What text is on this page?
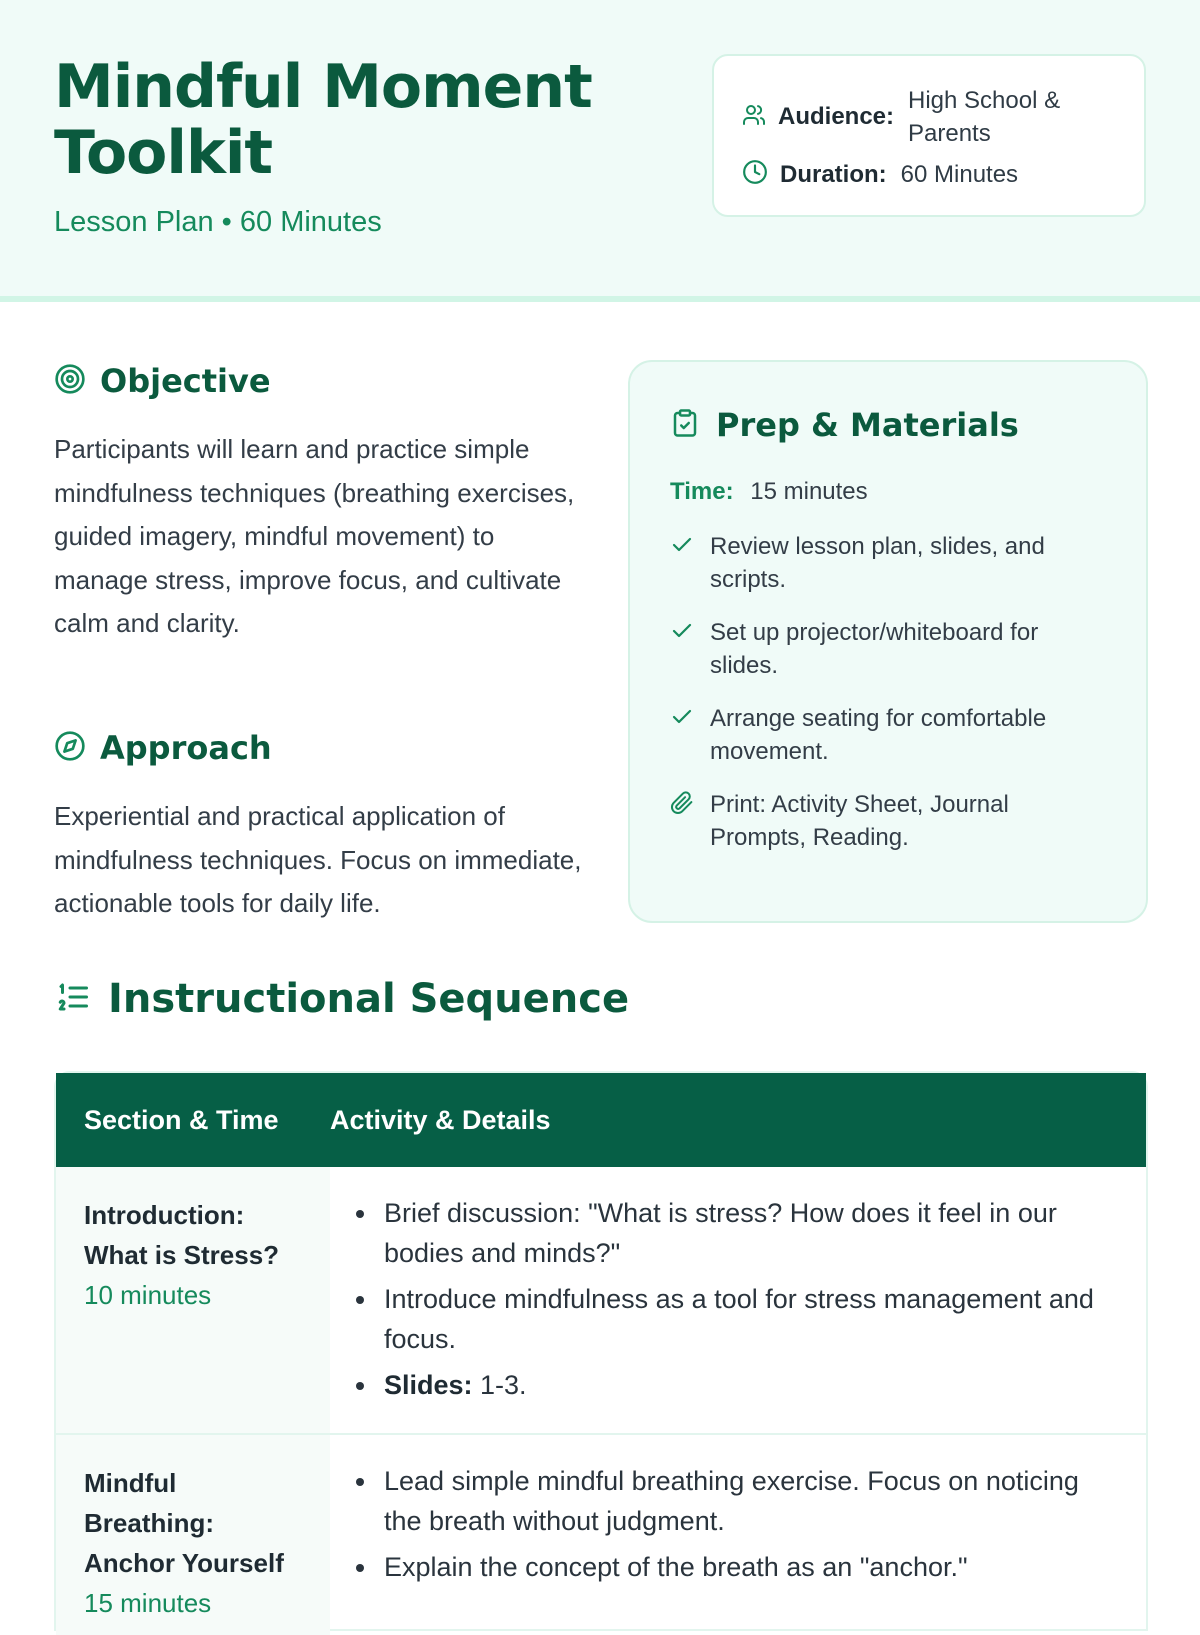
Mindful Moment Toolkit
Lesson Plan • 60 Minutes
Audience:
High School & Parents
Duration: 60 Minutes
Objective

Participants will learn and practice simple mindfulness techniques (breathing exercises, guided imagery, mindful movement) to manage stress, improve focus, and cultivate calm and clarity.

Approach

Experiential and practical application of mindfulness techniques. Focus on immediate, actionable tools for daily life.

Prep & Materials
Time: 15 minutes
Review lesson plan, slides, and scripts.
Set up projector/whiteboard for slides.
Arrange seating for comfortable movement.
Print: Activity Sheet, Journal Prompts, Reading.
Instructional Sequence
Section & Time	Activity & Details
Introduction:
What is Stress?
10 minutes
Brief discussion: "What is stress? How does it feel in our bodies and minds?"
Introduce mindfulness as a tool for stress management and focus.
Slides: 1-3.
Mindful Breathing:
Anchor Yourself
15 minutes
Lead simple mindful breathing exercise. Focus on noticing the breath without judgment.
Explain the concept of the breath as an "anchor."
